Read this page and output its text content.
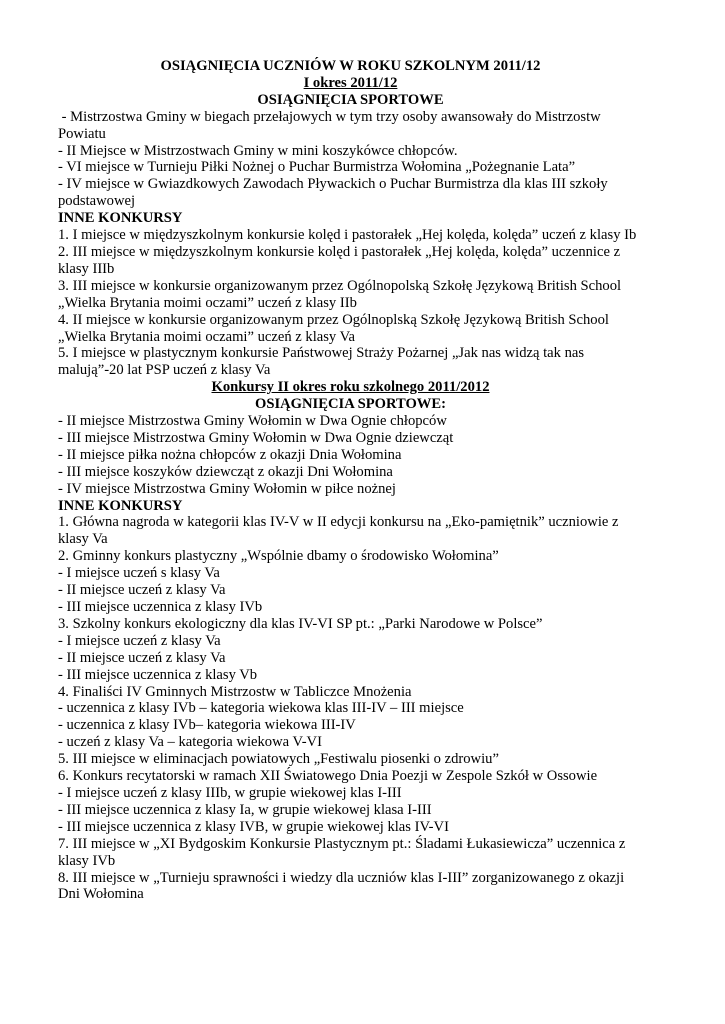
OSIĄGNIĘCIA UCZNIÓW W ROKU SZKOLNYM 2011/12

I okres 2011/12

OSIĄGNIĘCIA SPORTOWE

- Mistrzostwa Gminy w biegach przełajowych w tym trzy osoby awansowały do Mistrzostw Powiatu

- II Miejsce w Mistrzostwach Gminy w mini koszykówce chłopców.

- VI miejsce w Turnieju Piłki Nożnej o Puchar Burmistrza Wołomina „Pożegnanie Lata”

- IV miejsce w Gwiazdkowych Zawodach Pływackich o Puchar Burmistrza dla klas III szkoły podstawowej

INNE KONKURSY

1. I miejsce w międzyszkolnym konkursie kolęd i pastorałek „Hej kolęda, kolęda” uczeń z klasy Ib

2. III miejsce w międzyszkolnym konkursie kolęd i pastorałek „Hej kolęda, kolęda” uczennice z klasy IIIb

3. III miejsce w konkursie organizowanym przez Ogólnopolską Szkołę Językową British School „Wielka Brytania moimi oczami” uczeń z klasy IIb

4. II miejsce w konkursie organizowanym przez Ogólnoplską Szkołę Językową British School „Wielka Brytania moimi oczami” uczeń z klasy Va

5. I miejsce w plastycznym konkursie Państwowej Straży Pożarnej „Jak nas widzą tak nas malują”-20 lat PSP uczeń z klasy Va

Konkursy II okres roku szkolnego 2011/2012

OSIĄGNIĘCIA SPORTOWE:

- II miejsce Mistrzostwa Gminy Wołomin w Dwa Ognie chłopców

- III miejsce Mistrzostwa Gminy Wołomin w Dwa Ognie dziewcząt

- II miejsce piłka nożna chłopców z okazji Dnia Wołomina

- III miejsce koszyków dziewcząt z okazji Dni Wołomina

- IV miejsce Mistrzostwa Gminy Wołomin w piłce nożnej

INNE KONKURSY

1. Główna nagroda w kategorii klas IV-V w II edycji konkursu na „Eko-pamiętnik” uczniowie z klasy Va

2. Gminny konkurs plastyczny „Wspólnie dbamy o środowisko Wołomina”

- I miejsce uczeń s klasy Va

- II miejsce uczeń z klasy Va

- III miejsce uczennica z klasy IVb

3. Szkolny konkurs ekologiczny dla klas IV-VI SP pt.: „Parki Narodowe w Polsce”

- I miejsce uczeń z klasy Va

- II miejsce uczeń z klasy Va

- III miejsce uczennica z klasy Vb

4. Finaliści IV Gminnych Mistrzostw w Tabliczce Mnożenia

- uczennica z klasy IVb – kategoria wiekowa klas III-IV – III miejsce

- uczennica z klasy IVb– kategoria wiekowa III-IV

- uczeń z klasy Va – kategoria wiekowa V-VI

5. III miejsce w eliminacjach powiatowych „Festiwalu piosenki o zdrowiu”

6. Konkurs recytatorski w ramach XII Światowego Dnia Poezji w Zespole Szkół w Ossowie

- I miejsce uczeń z klasy IIIb, w grupie wiekowej klas I-III

- III miejsce uczennica z klasy Ia, w grupie wiekowej klasa I-III

- III miejsce uczennica z klasy IVB, w grupie wiekowej klas IV-VI

7. III miejsce w „XI Bydgoskim Konkursie Plastycznym pt.: Śladami Łukasiewicza” uczennica z klasy IVb

8. III miejsce w „Turnieju sprawności i wiedzy dla uczniów klas I-III” zorganizowanego z okazji Dni Wołomina
